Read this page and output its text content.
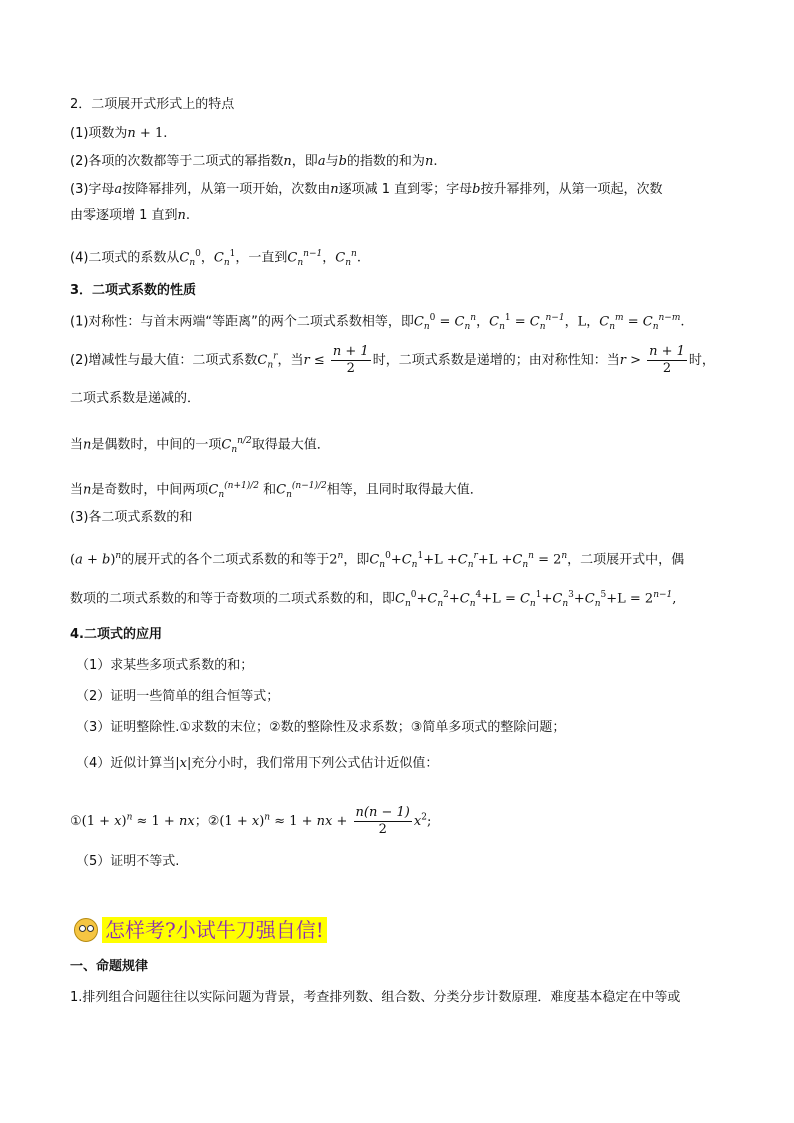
2．二项展开式形式上的特点
(1)项数为n + 1.
(2)各项的次数都等于二项式的幂指数n，即a与b的指数的和为n.
(3)字母a按降幂排列，从第一项开始，次数由n逐项减 1 直到零；字母b按升幂排列，从第一项起，次数
由零逐项增 1 直到n.
(4)二项式的系数从$C_n^0$，$C_n^1$，一直到$C_n^{n-1}$，$C_n^n$.
3．二项式系数的性质
(1)对称性：与首末两端“等距离”的两个二项式系数相等，即$C_n^0 = C_n^n$，$C_n^1 = C_n^{n-1}$，L，$C_n^m = C_n^{n-m}$.
(2)增减性与最大值：二项式系数$C_n^r$，当$r \le \frac{n + 1}{2}$ 时，二项式系数是递增的；由对称性知：当$r > \frac{n + 1}{2}$ 时，
二项式系数是递减的．
当n是偶数时，中间的一项$C_n^{n/2}$取得最大值．
当n是奇数时，中间两项$C_n^{(n+1)/2}$ 和$C_n^{(n-1)/2}$相等，且同时取得最大值．
(3)各二项式系数的和
$(a + b)^n$的展开式的各个二项式系数的和等于2$^n$，即$C_n^0+C_n^1+L +C_n^r+L +C_n^n = 2^n$，二项展开式中，偶
数项的二项式系数的和等于奇数项的二项式系数的和，即$C_n^0+C_n^2+C_n^4+L = C_n^1+C_n^3+C_n^5+L = 2^{n-1}$,
4.二项式的应用
（1）求某些多项式系数的和；
（2）证明一些简单的组合恒等式；
（3）证明整除性.①求数的末位；②数的整除性及求系数；③简单多项式的整除问题；
（4）近似计算当|x|充分小时，我们常用下列公式估计近似值：
①(1 + x)$^n$ ≈ 1 + nx；②(1 + x)$^n$ ≈ 1 + nx + $\frac{n(n - 1)}{2} x^2$;
（5）证明不等式.
怎样考?小试牛刀强自信!
一、命题规律
1.排列组合问题往往以实际问题为背景，考查排列数、组合数、分类分步计数原理．难度基本稳定在中等或
